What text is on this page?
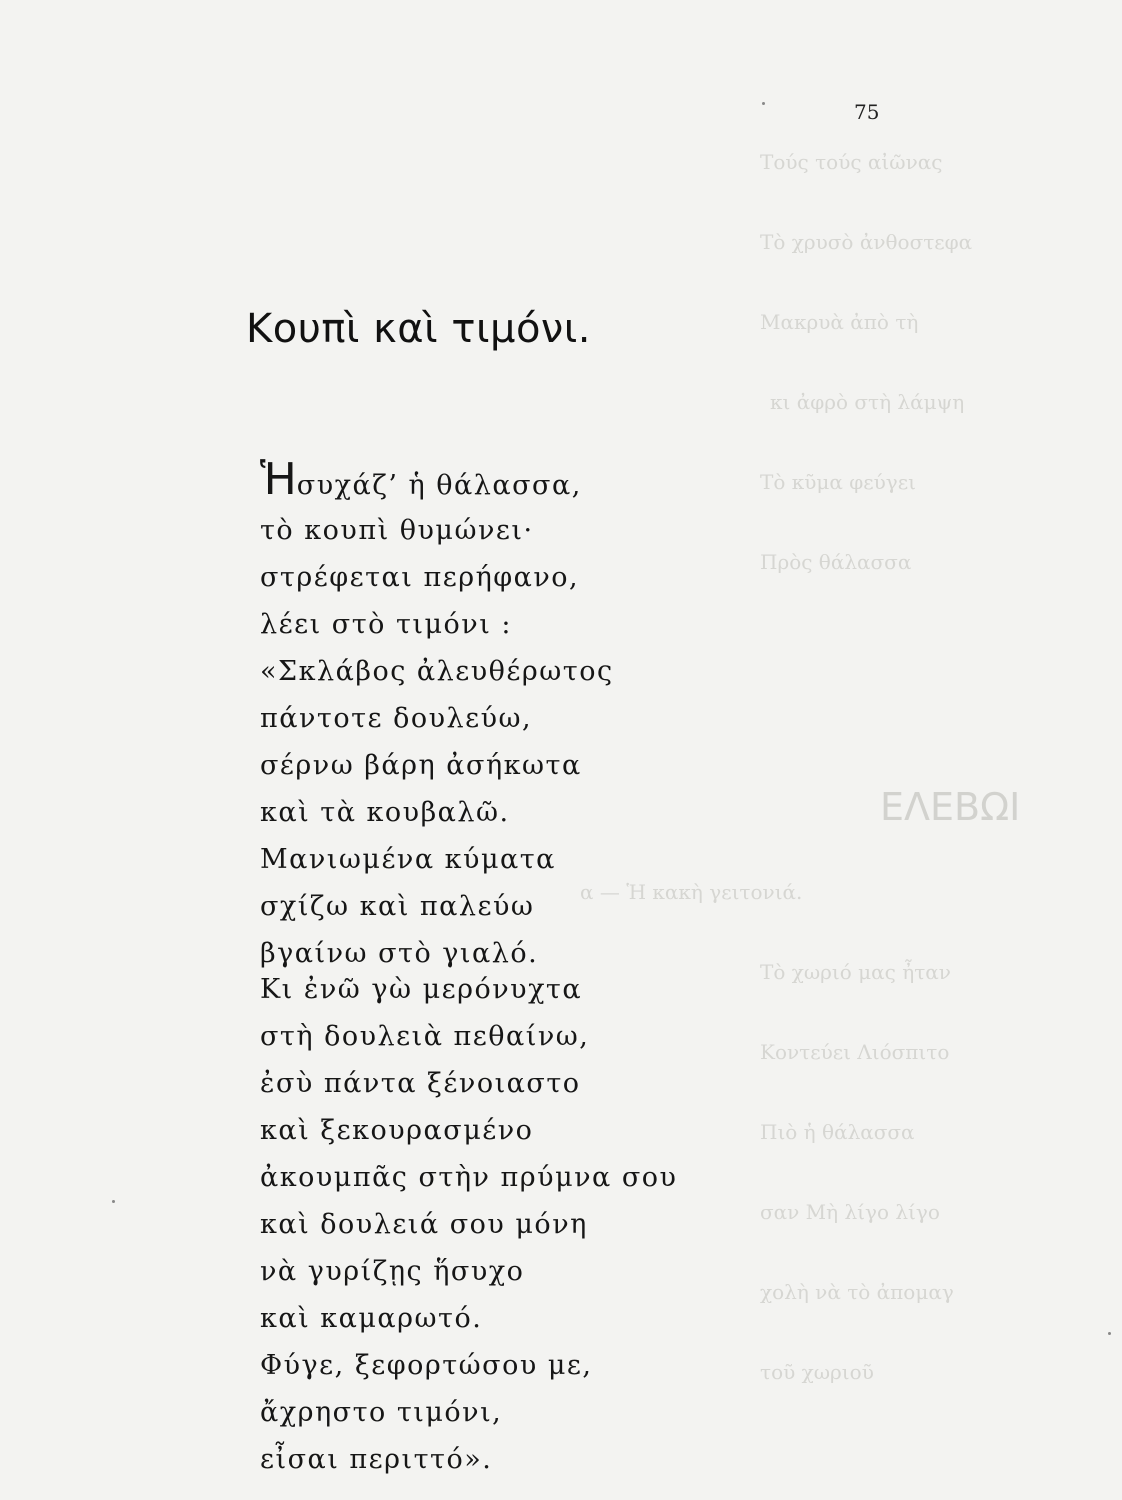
Τούς τούς αἰῶνας
Τὸ χρυσὸ ἀνθοστεφα
Μακρυὰ ἀπὸ τὴ
κι ἀφρὸ στὴ λάμψη
Τὸ κῦμα φεύγει
Πρὸς θάλασσα
ΕΛΕΒΩΙ
α — Ἡ κακὴ γειτονιά.
Τὸ χωριό μας ἦταν
Κοντεύει Λιόσπιτο
Πιὸ ἡ θάλασσα
σαν Μὴ λίγο λίγο
χολὴ νὰ τὸ ἀπομαγ
τοῦ χωριοῦ
75
Κουπὶ καὶ τιμόνι.
Ἡσυχάζ’ ἡ θάλασσα,
τὸ κουπὶ θυμώνει·
στρέφεται περήφανο,
λέει στὸ τιμόνι :
«Σκλάβος ἀλευθέρωτος
πάντοτε δουλεύω,
σέρνω βάρη ἀσήκωτα
καὶ τὰ κουβαλῶ.
Μανιωμένα κύματα
σχίζω καὶ παλεύω
βγαίνω στὸ γιαλό.
Κι ἐνῶ γὼ μερόνυχτα
στὴ δουλειὰ πεθαίνω,
ἐσὺ πάντα ξένοιαστο
καὶ ξεκουρασμένο
ἀκουμπᾶς στὴν πρύμνα σου
καὶ δουλειά σου μόνη
νὰ γυρίζῃς ἥσυχο
καὶ καμαρωτό.
Φύγε, ξεφορτώσου με,
ἄχρηστο τιμόνι,
εἶσαι περιττό».
